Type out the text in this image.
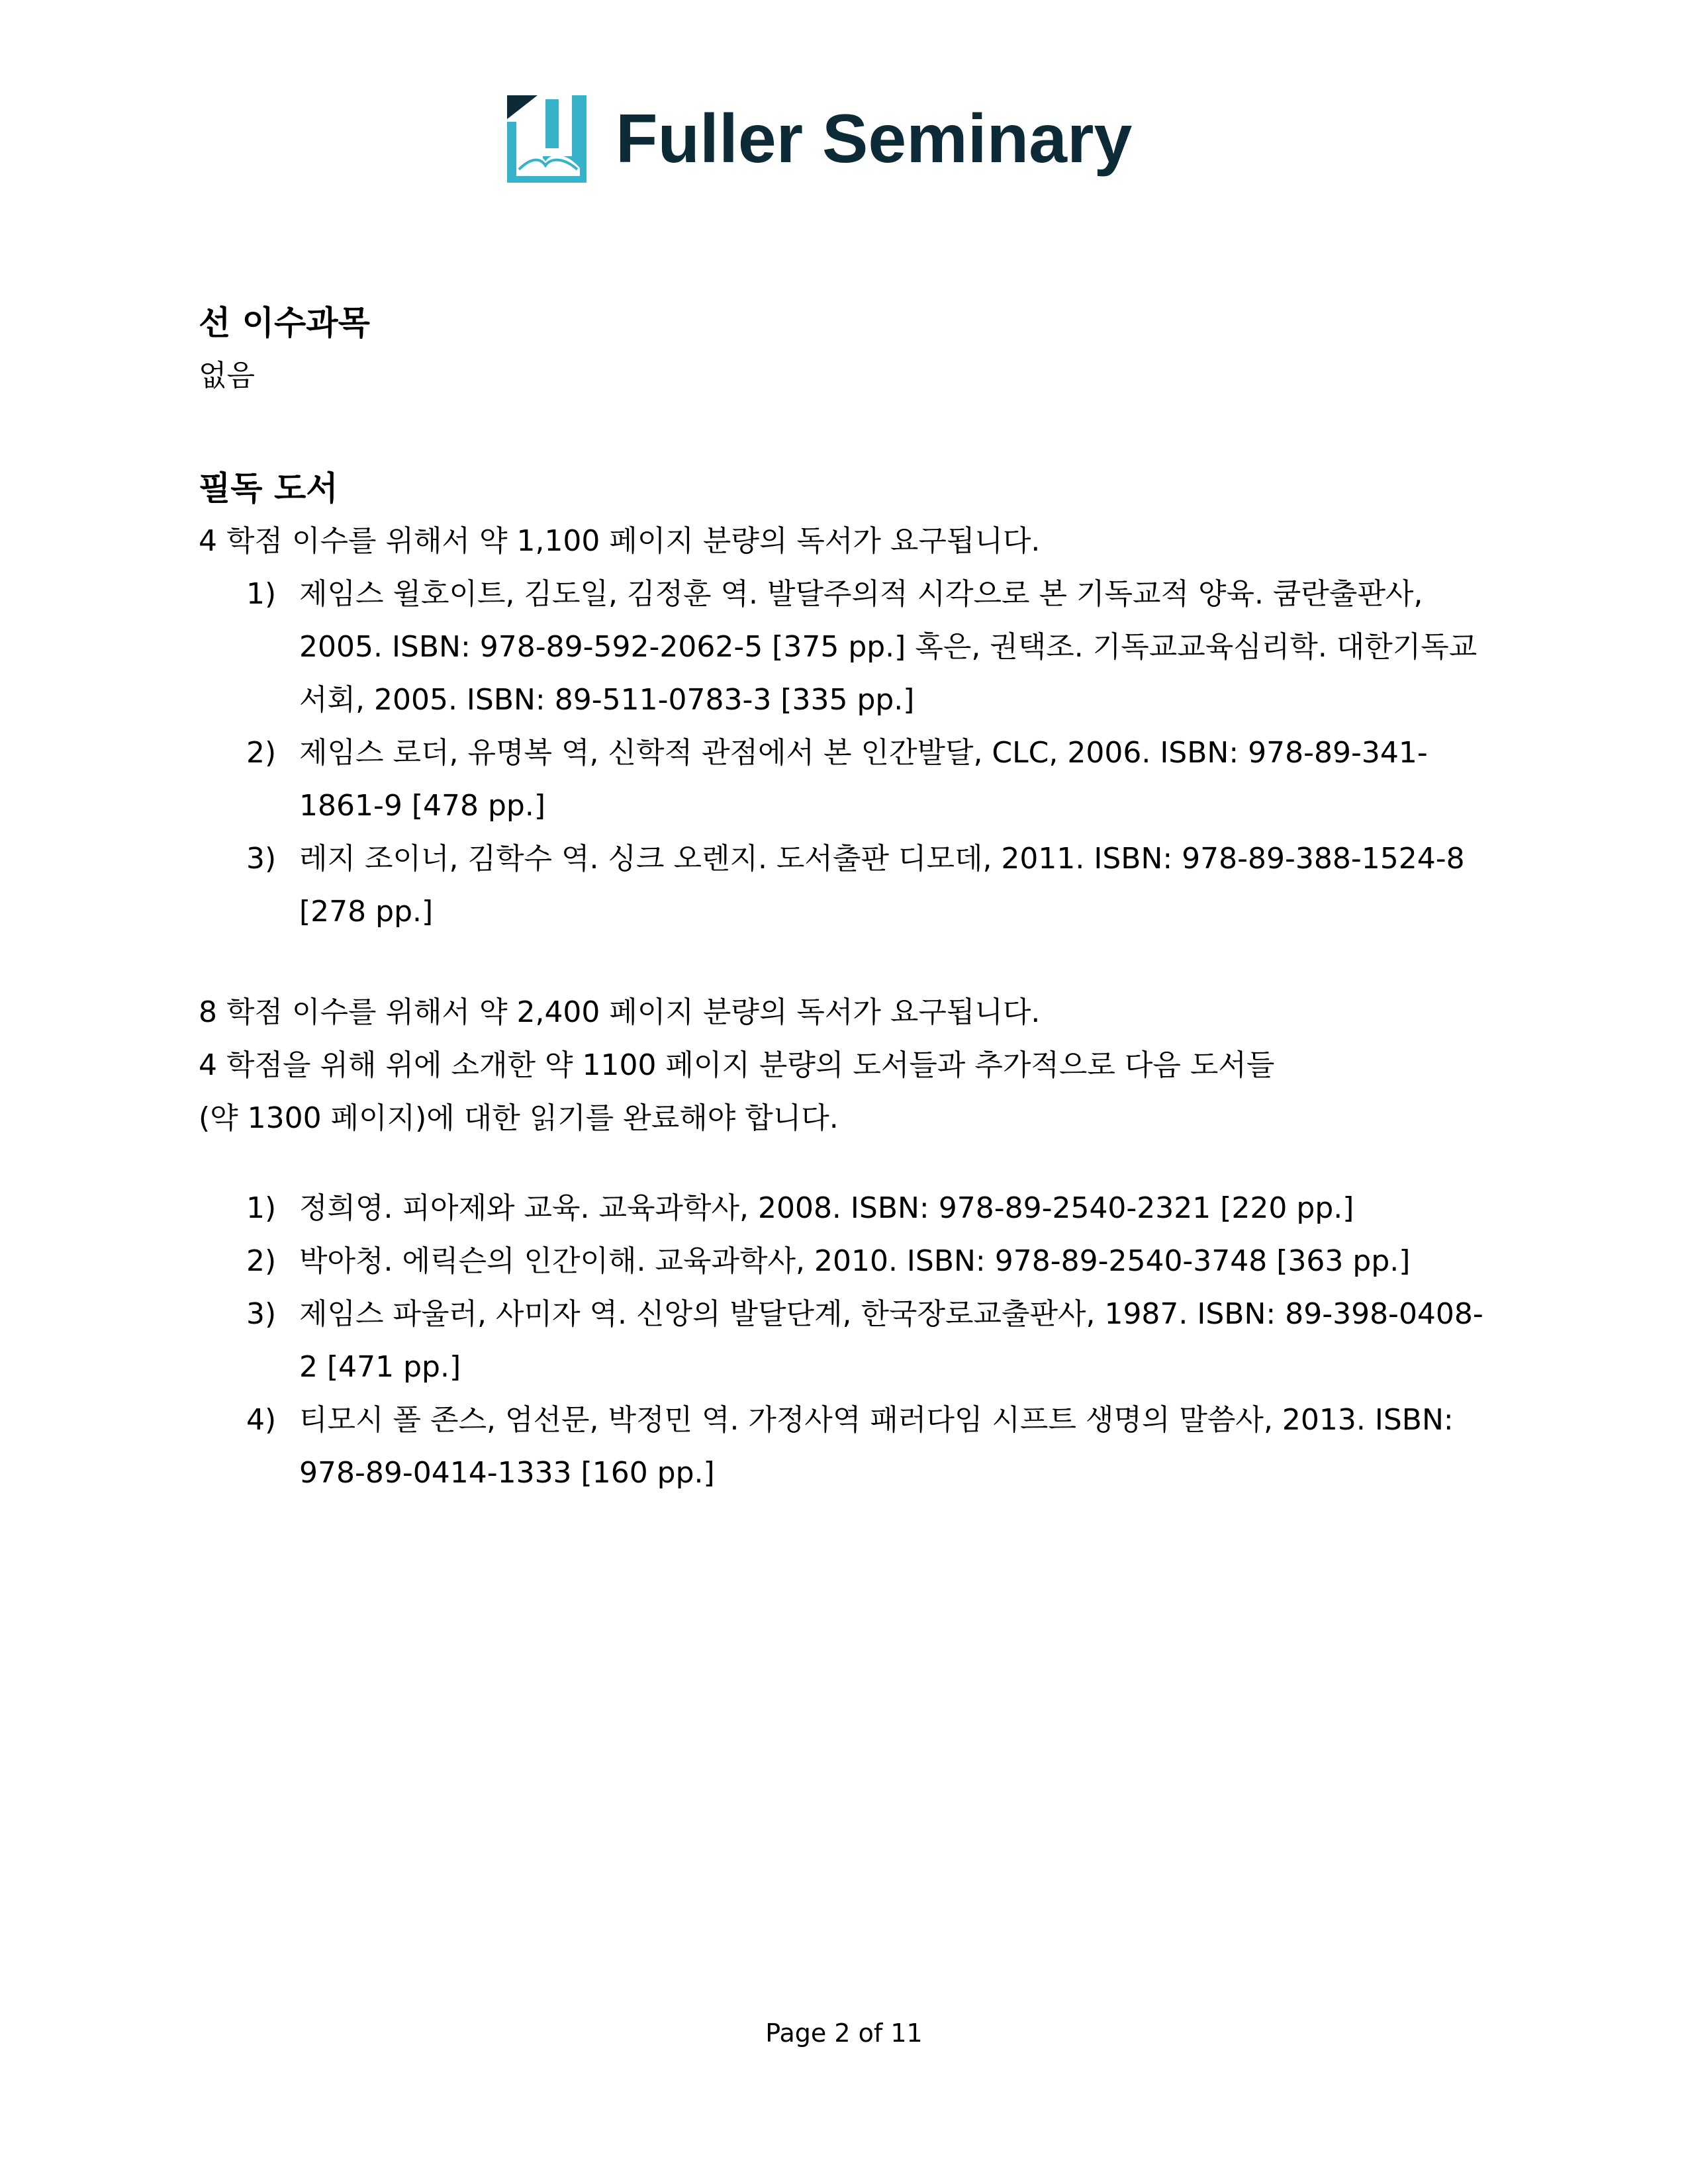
Fuller Seminary

선 이수과목

없음

필독 도서

4 학점 이수를 위해서 약 1,100 페이지 분량의 독서가 요구됩니다.

1) 제임스 윌호이트, 김도일, 김정훈 역. 발달주의적 시각으로 본 기독교적 양육. 쿰란출판사, 2005. ISBN: 978-89-592-2062-5 [375 pp.] 혹은, 권택조. 기독교교육심리학. 대한기독교서회, 2005. ISBN: 89-511-0783-3 [335 pp.]
2) 제임스 로더, 유명복 역, 신학적 관점에서 본 인간발달, CLC, 2006. ISBN: 978-89-341-1861-9 [478 pp.]
3) 레지 조이너, 김학수 역. 싱크 오렌지. 도서출판 디모데, 2011. ISBN: 978-89-388-1524-8 [278 pp.]

8 학점 이수를 위해서 약 2,400 페이지 분량의 독서가 요구됩니다.

4 학점을 위해 위에 소개한 약 1100 페이지 분량의 도서들과 추가적으로 다음 도서들

(약 1300 페이지)에 대한 읽기를 완료해야 합니다.

1) 정희영. 피아제와 교육. 교육과학사, 2008. ISBN: 978-89-2540-2321 [220 pp.]
2) 박아청. 에릭슨의 인간이해. 교육과학사, 2010. ISBN: 978-89-2540-3748 [363 pp.]
3) 제임스 파울러, 사미자 역. 신앙의 발달단계, 한국장로교출판사, 1987. ISBN: 89-398-0408-2 [471 pp.]
4) 티모시 폴 존스, 엄선문, 박정민 역. 가정사역 패러다임 시프트 생명의 말씀사, 2013. ISBN: 978-89-0414-1333 [160 pp.]
Page 2 of 11
